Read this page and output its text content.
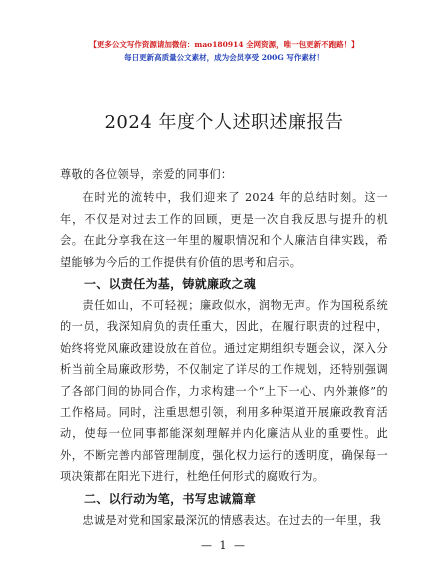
【更多公文写作资源请加微信：mao180914 全网资源，唯一包更新不跑路！】
每日更新高质量公文素材，成为会员享受 200G 写作素材！
2024 年度个人述职述廉报告

尊敬的各位领导，亲爱的同事们：

在时光的流转中，我们迎来了 2024 年的总结时刻。这一年，不仅是对过去工作的回顾，更是一次自我反思与提升的机会。在此分享我在这一年里的履职情况和个人廉洁自律实践，希望能够为今后的工作提供有价值的思考和启示。

一、以责任为基，铸就廉政之魂

责任如山，不可轻视；廉政似水，润物无声。作为国税系统的一员，我深知肩负的责任重大，因此，在履行职责的过程中，始终将党风廉政建设放在首位。通过定期组织专题会议，深入分析当前全局廉政形势，不仅制定了详尽的工作规划，还特别强调了各部门间的协同合作，力求构建一个“上下一心、内外兼修”的工作格局。同时，注重思想引领，利用多种渠道开展廉政教育活动，使每一位同事都能深刻理解并内化廉洁从业的重要性。此外，不断完善内部管理制度，强化权力运行的透明度，确保每一项决策都在阳光下进行，杜绝任何形式的腐败行为。

二、以行动为笔，书写忠诚篇章

忠诚是对党和国家最深沉的情感表达。在过去的一年里，我

— 1 —
